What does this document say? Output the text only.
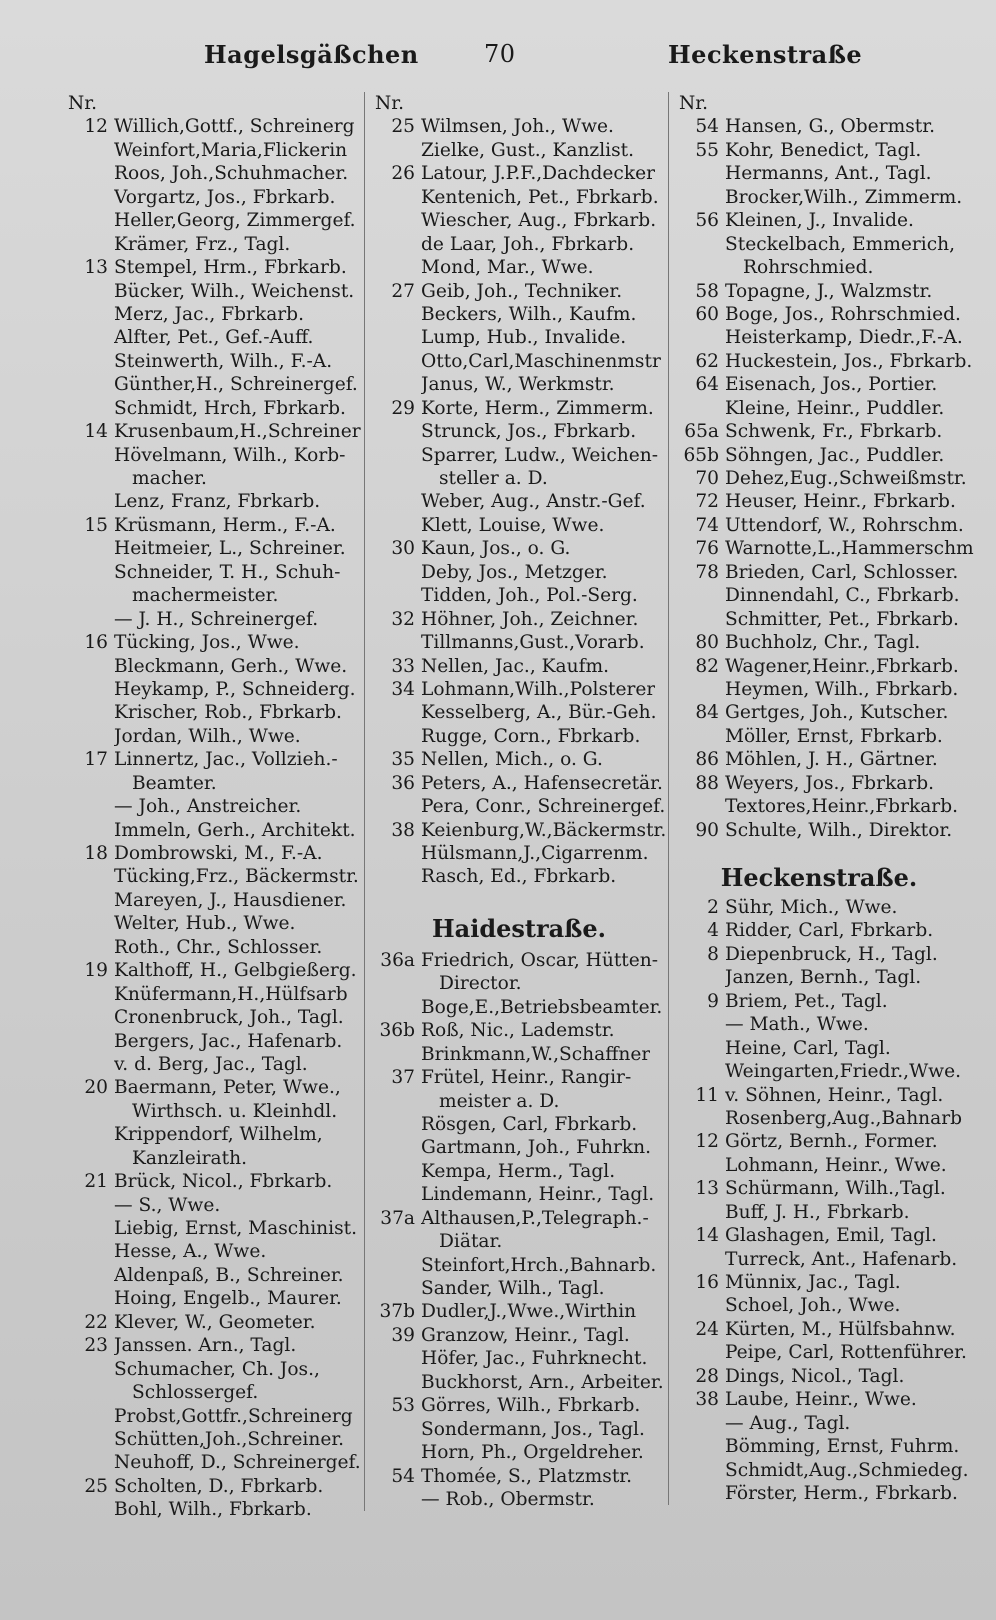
Hagelsgäßchen	70	Heckenstraße
Nr.
12 Willich,Gottf., Schreinerg
Weinfort,Maria,Flickerin
Roos, Joh.,Schuhmacher.
Vorgartz, Jos., Fbrkarb.
Heller,Georg, Zimmergef.
Krämer, Frz., Tagl.
13 Stempel, Hrm., Fbrkarb.
Bücker, Wilh., Weichenst.
Merz, Jac., Fbrkarb.
Alfter, Pet., Gef.-Auff.
Steinwerth, Wilh., F.-A.
Günther,H., Schreinergef.
Schmidt, Hrch, Fbrkarb.
14 Krusenbaum,H.,Schreiner
Hövelmann, Wilh., Korb-
macher.
Lenz, Franz, Fbrkarb.
15 Krüsmann, Herm., F.-A.
Heitmeier, L., Schreiner.
Schneider, T. H., Schuh-
machermeister.
— J. H., Schreinergef.
16 Tücking, Jos., Wwe.
Bleckmann, Gerh., Wwe.
Heykamp, P., Schneiderg.
Krischer, Rob., Fbrkarb.
Jordan, Wilh., Wwe.
17 Linnertz, Jac., Vollzieh.-
Beamter.
— Joh., Anstreicher.
Immeln, Gerh., Architekt.
18 Dombrowski, M., F.-A.
Tücking,Frz., Bäckermstr.
Mareyen, J., Hausdiener.
Welter, Hub., Wwe.
Roth., Chr., Schlosser.
19 Kalthoff, H., Gelbgießerg.
Knüfermann,H.,Hülfsarb
Cronenbruck, Joh., Tagl.
Bergers, Jac., Hafenarb.
v. d. Berg, Jac., Tagl.
20 Baermann, Peter, Wwe.,
Wirthsch. u. Kleinhdl.
Krippendorf, Wilhelm,
Kanzleirath.
21 Brück, Nicol., Fbrkarb.
— S., Wwe.
Liebig, Ernst, Maschinist.
Hesse, A., Wwe.
Aldenpaß, B., Schreiner.
Hoing, Engelb., Maurer.
22 Klever, W., Geometer.
23 Janssen. Arn., Tagl.
Schumacher, Ch. Jos.,
Schlossergef.
Probst,Gottfr.,Schreinerg
Schütten,Joh.,Schreiner.
Neuhoff, D., Schreinergef.
25 Scholten, D., Fbrkarb.
Bohl, Wilh., Fbrkarb.
Nr.
25 Wilmsen, Joh., Wwe.
Zielke, Gust., Kanzlist.
26 Latour, J.P.F.,Dachdecker
Kentenich, Pet., Fbrkarb.
Wiescher, Aug., Fbrkarb.
de Laar, Joh., Fbrkarb.
Mond, Mar., Wwe.
27 Geib, Joh., Techniker.
Beckers, Wilh., Kaufm.
Lump, Hub., Invalide.
Otto,Carl,Maschinenmstr
Janus, W., Werkmstr.
29 Korte, Herm., Zimmerm.
Strunck, Jos., Fbrkarb.
Sparrer, Ludw., Weichen-
steller a. D.
Weber, Aug., Anstr.-Gef.
Klett, Louise, Wwe.
30 Kaun, Jos., o. G.
Deby, Jos., Metzger.
Tidden, Joh., Pol.-Serg.
32 Höhner, Joh., Zeichner.
Tillmanns,Gust.,Vorarb.
33 Nellen, Jac., Kaufm.
34 Lohmann,Wilh.,Polsterer
Kesselberg, A., Bür.-Geh.
Rugge, Corn., Fbrkarb.
35 Nellen, Mich., o. G.
36 Peters, A., Hafensecretär.
Pera, Conr., Schreinergef.
38 Keienburg,W.,Bäckermstr.
Hülsmann,J.,Cigarrenm.
Rasch, Ed., Fbrkarb.
Haidestraße.
36a Friedrich, Oscar, Hütten-
Director.
Boge,E.,Betriebsbeamter.
36b Roß, Nic., Lademstr.
Brinkmann,W.,Schaffner
37 Frütel, Heinr., Rangir-
meister a. D.
Rösgen, Carl, Fbrkarb.
Gartmann, Joh., Fuhrkn.
Kempa, Herm., Tagl.
Lindemann, Heinr., Tagl.
37a Althausen,P.,Telegraph.-
Diätar.
Steinfort,Hrch.,Bahnarb.
Sander, Wilh., Tagl.
37b Dudler,J.,Wwe.,Wirthin
39 Granzow, Heinr., Tagl.
Höfer, Jac., Fuhrknecht.
Buckhorst, Arn., Arbeiter.
53 Görres, Wilh., Fbrkarb.
Sondermann, Jos., Tagl.
Horn, Ph., Orgeldreher.
54 Thomée, S., Platzmstr.
— Rob., Obermstr.
Nr.
54 Hansen, G., Obermstr.
55 Kohr, Benedict, Tagl.
Hermanns, Ant., Tagl.
Brocker,Wilh., Zimmerm.
56 Kleinen, J., Invalide.
Steckelbach, Emmerich,
Rohrschmied.
58 Topagne, J., Walzmstr.
60 Boge, Jos., Rohrschmied.
Heisterkamp, Diedr.,F.-A.
62 Huckestein, Jos., Fbrkarb.
64 Eisenach, Jos., Portier.
Kleine, Heinr., Puddler.
65a Schwenk, Fr., Fbrkarb.
65b Söhngen, Jac., Puddler.
70 Dehez,Eug.,Schweißmstr.
72 Heuser, Heinr., Fbrkarb.
74 Uttendorf, W., Rohrschm.
76 Warnotte,L.,Hammerschm
78 Brieden, Carl, Schlosser.
Dinnendahl, C., Fbrkarb.
Schmitter, Pet., Fbrkarb.
80 Buchholz, Chr., Tagl.
82 Wagener,Heinr.,Fbrkarb.
Heymen, Wilh., Fbrkarb.
84 Gertges, Joh., Kutscher.
Möller, Ernst, Fbrkarb.
86 Möhlen, J. H., Gärtner.
88 Weyers, Jos., Fbrkarb.
Textores,Heinr.,Fbrkarb.
90 Schulte, Wilh., Direktor.
Heckenstraße.
2 Sühr, Mich., Wwe.
4 Ridder, Carl, Fbrkarb.
8 Diepenbruck, H., Tagl.
Janzen, Bernh., Tagl.
9 Briem, Pet., Tagl.
— Math., Wwe.
Heine, Carl, Tagl.
Weingarten,Friedr.,Wwe.
11 v. Söhnen, Heinr., Tagl.
Rosenberg,Aug.,Bahnarb
12 Görtz, Bernh., Former.
Lohmann, Heinr., Wwe.
13 Schürmann, Wilh.,Tagl.
Buff, J. H., Fbrkarb.
14 Glashagen, Emil, Tagl.
Turreck, Ant., Hafenarb.
16 Münnix, Jac., Tagl.
Schoel, Joh., Wwe.
24 Kürten, M., Hülfsbahnw.
Peipe, Carl, Rottenführer.
28 Dings, Nicol., Tagl.
38 Laube, Heinr., Wwe.
— Aug., Tagl.
Bömming, Ernst, Fuhrm.
Schmidt,Aug.,Schmiedeg.
Förster, Herm., Fbrkarb.
